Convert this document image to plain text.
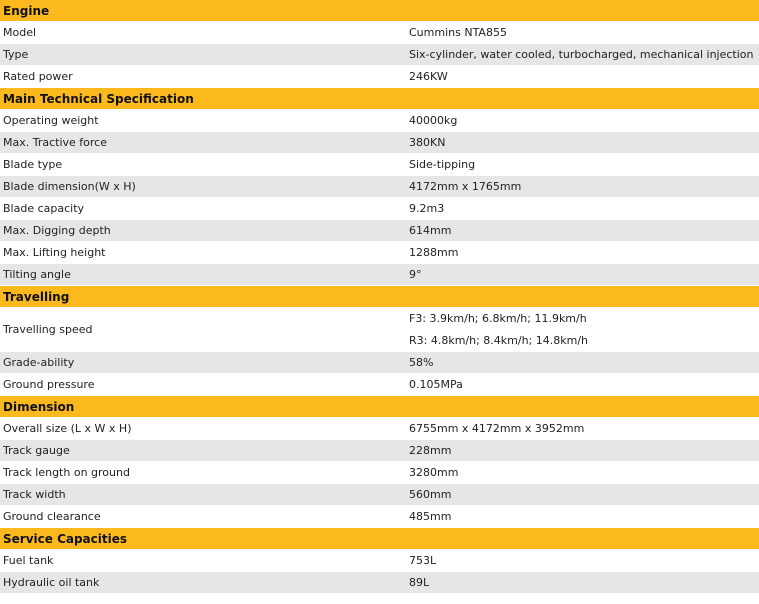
Engine	
Model	Cummins NTA855
Type	Six-cylinder, water cooled, turbocharged, mechanical injection
Rated power	246KW
Main Technical Specification	
Operating weight	40000kg
Max. Tractive force	380KN
Blade type	Side-tipping
Blade dimension(W x H)	4172mm x 1765mm
Blade capacity	9.2m3
Max. Digging depth	614mm
Max. Lifting height	1288mm
Tilting angle	9°
Travelling	
Travelling speed	F3: 3.9km/h; 6.8km/h; 11.9km/h
R3: 4.8km/h; 8.4km/h; 14.8km/h

Grade-ability	58%
Ground pressure	0.105MPa
Dimension	
Overall size (L x W x H)	6755mm x 4172mm x 3952mm
Track gauge	228mm
Track length on ground	3280mm
Track width	560mm
Ground clearance	485mm
Service Capacities	
Fuel tank	753L
Hydraulic oil tank	89L
